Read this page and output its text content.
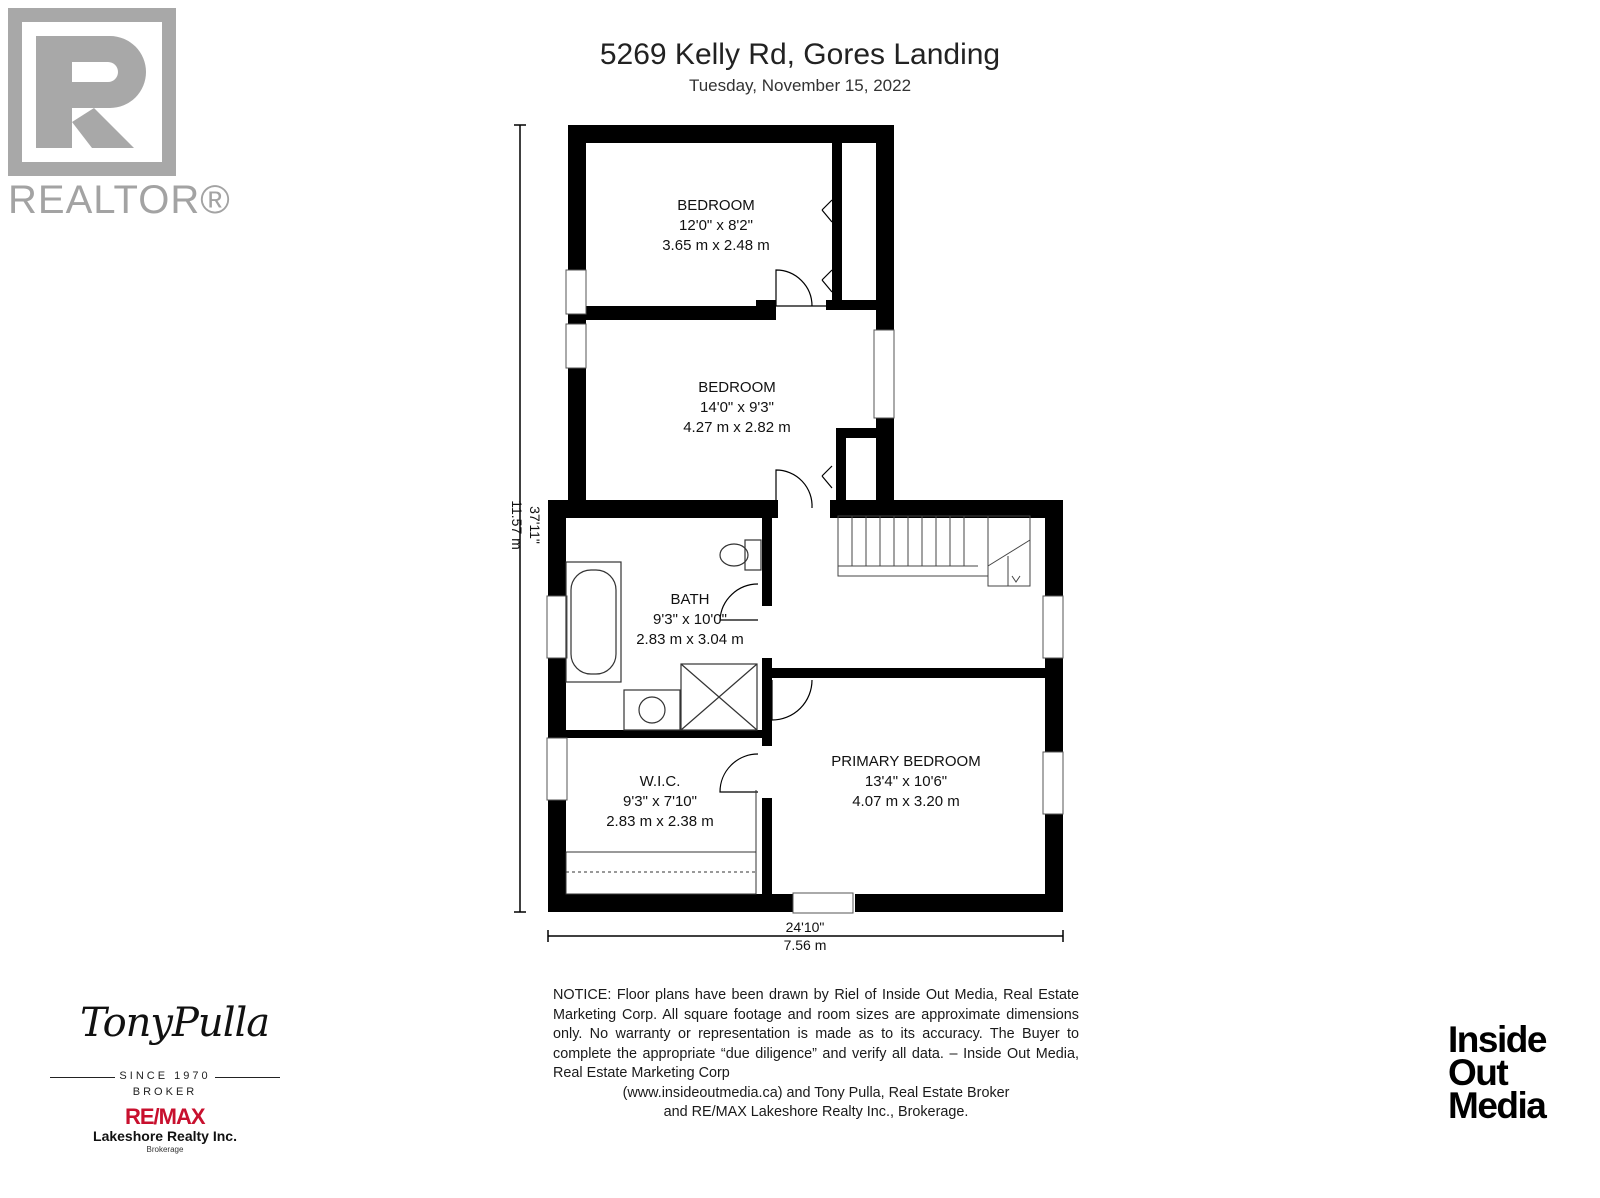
REALTOR®
5269 Kelly Rd, Gores Landing
Tuesday, November 15, 2022
37'11"
11.57 m
24'10"
7.56 m
BEDROOM
12'0" x 8'2"
3.65 m x 2.48 m
BEDROOM
14'0" x 9'3"
4.27 m x 2.82 m
BATH
9'3" x 10'0"
2.83 m x 3.04 m
W.I.C.
9'3" x 7'10"
2.83 m x 2.38 m
PRIMARY BEDROOM
13'4" x 10'6"
4.07 m x 3.20 m
NOTICE: Floor plans have been drawn by Riel of Inside Out Media, Real Estate Marketing Corp. All square footage and room sizes are approximate dimensions only. No warranty or representation is made as to its accuracy. The Buyer to complete the appropriate “due diligence” and verify all data. – Inside Out Media, Real Estate Marketing Corp
(www.insideoutmedia.ca) and Tony Pulla, Real Estate Broker
and RE/MAX Lakeshore Realty Inc., Brokerage.
TonyPulla
SINCE 1970
BROKER
RE/MAX
Lakeshore Realty Inc.
Brokerage
Inside
Out
Media
